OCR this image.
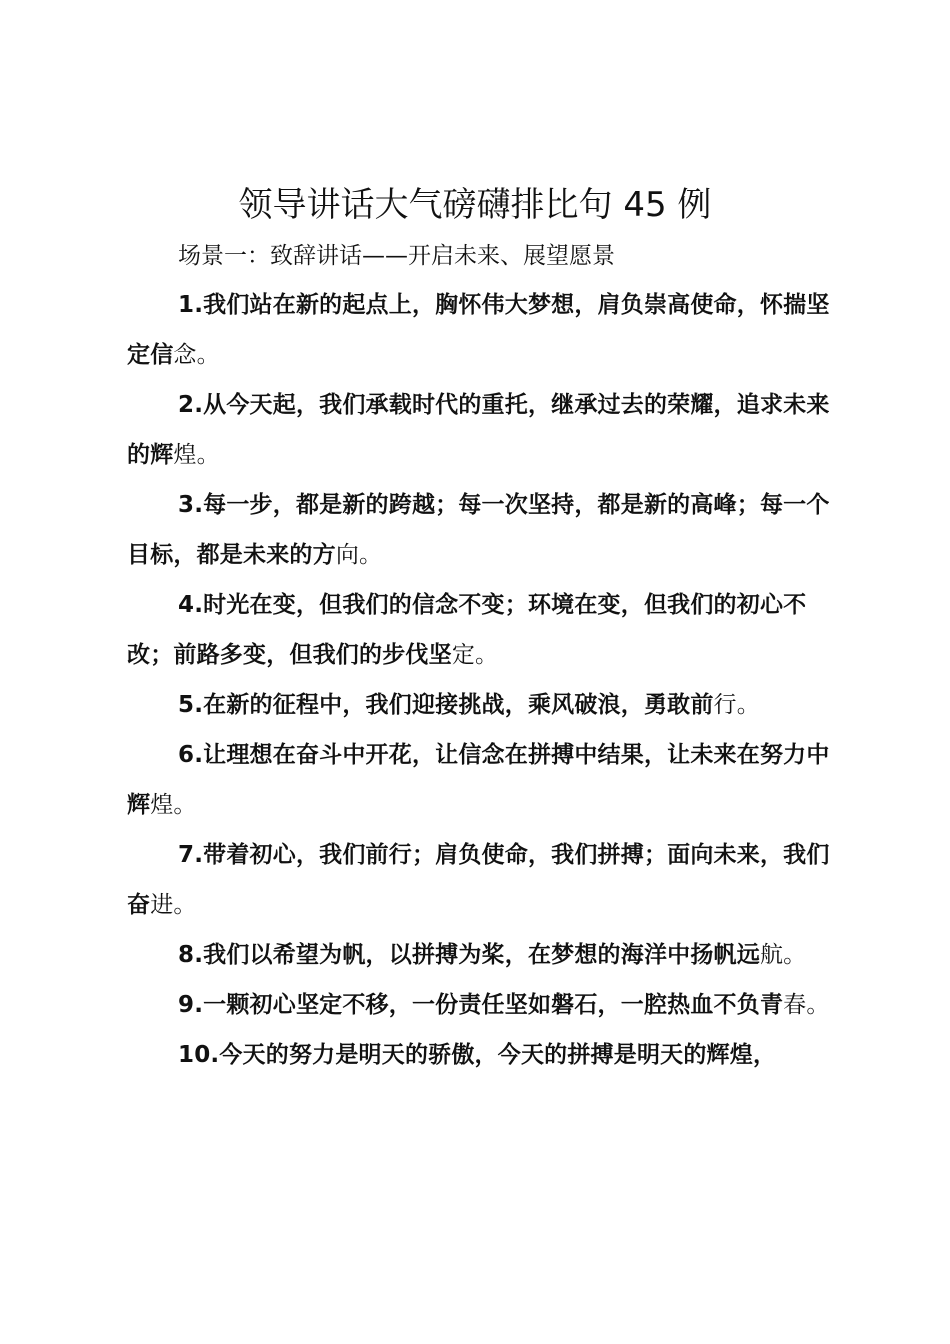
领导讲话大气磅礴排比句 45 例

场景一：致辞讲话——开启未来、展望愿景

1.我们站在新的起点上，胸怀伟大梦想，肩负崇高使命，怀揣坚定信念。
2.从今天起，我们承载时代的重托，继承过去的荣耀，追求未来的辉煌。
3.每一步，都是新的跨越；每一次坚持，都是新的高峰；每一个目标，都是未来的方向。
4.时光在变，但我们的信念不变；环境在变，但我们的初心不改；前路多变，但我们的步伐坚定。
5.在新的征程中，我们迎接挑战，乘风破浪，勇敢前行。
6.让理想在奋斗中开花，让信念在拼搏中结果，让未来在努力中辉煌。
7.带着初心，我们前行；肩负使命，我们拼搏；面向未来，我们奋进。
8.我们以希望为帆，以拼搏为桨，在梦想的海洋中扬帆远航。
9.一颗初心坚定不移，一份责任坚如磐石，一腔热血不负青春。
10.今天的努力是明天的骄傲，今天的拼搏是明天的辉煌，
